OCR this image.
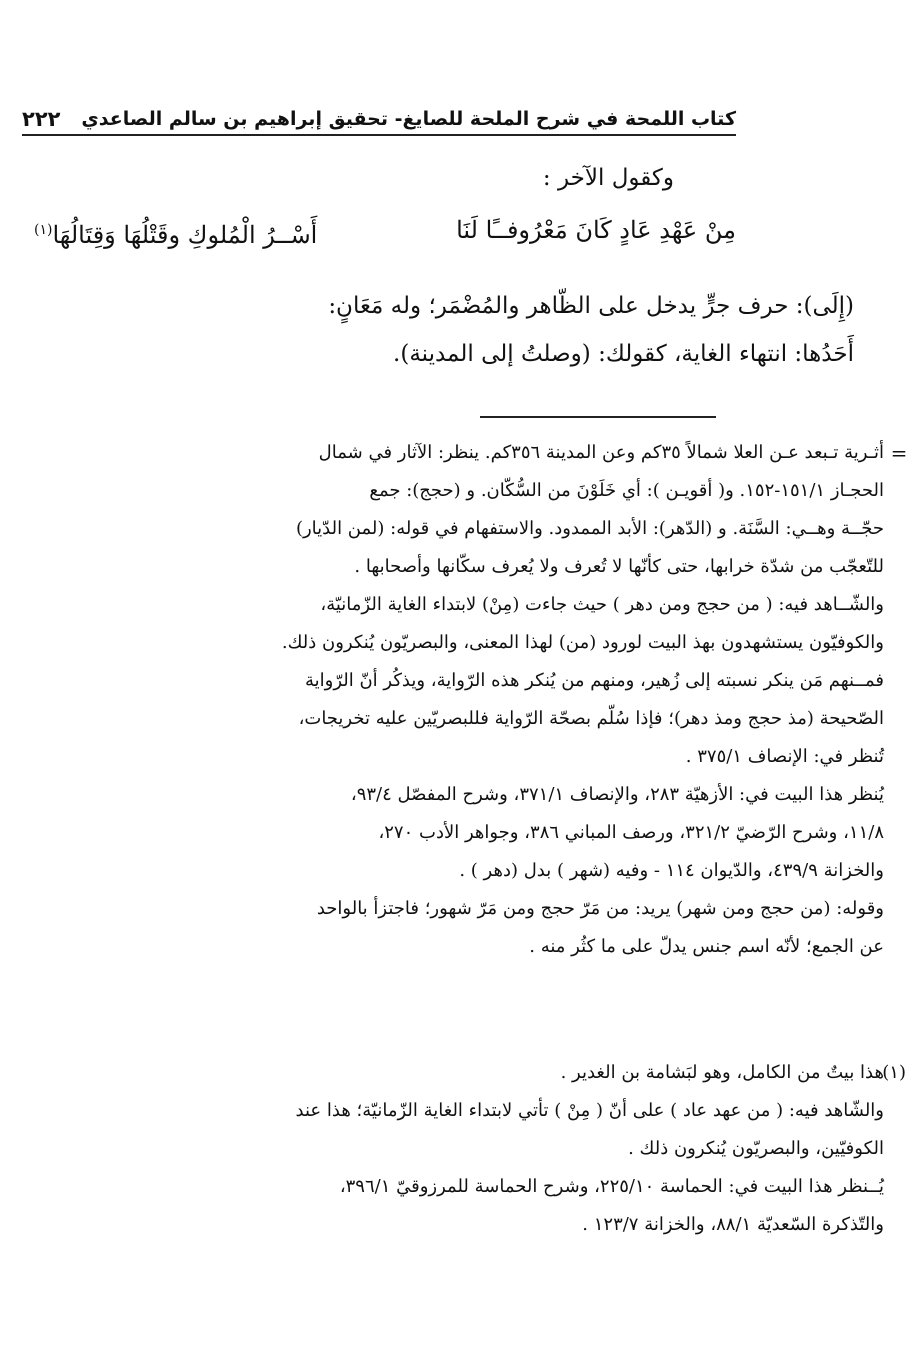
كتاب اللمحة في شرح الملحة للصايغ- تحقيق إبراهيم بن سالم الصاعدي
٢٢٢
وكقول الآخر :
مِنْ عَهْدِ عَادٍ كَانَ مَعْرُوفــًا لَنَا
أَسْــرُ الْمُلوكِ وقَتْلُهَا وَقِتَالُهَا$^{(١)}$

(إِلَى): حرف جرٍّ يدخل على الظّاهر والمُضْمَر؛ وله مَعَانٍ:

أَحَدُها: انتهاء الغاية، كقولك: (وصلتُ إلى المدينة).

=

أثـرية تـبعد عـن العلا شمالاً ٣٥كم وعن المدينة ٣٥٦كم. ينظر: الآثار في شمال

الحجـاز ١٥١/١-١٥٢. و( أقويـن ): أي خَلَوْنَ من السُّكّان. و (حجج): جمع

حجّــة وهــي: السَّنَة. و (الدّهر): الأبد الممدود. والاستفهام في قوله: (لمن الدّيار)

للتّعجّب من شدّة خرابها، حتى كأنّها لا تُعرف ولا يُعرف سكّانها وأصحابها .

والشّــاهد فيه: ( من حجج ومن دهر ) حيث جاءت (مِنْ) لابتداء الغاية الزّمانيّة،

والكوفيّون يستشهدون بهذ البيت لورود (من) لهذا المعنى، والبصريّون يُنكرون ذلك.

فمــنهم مَن ينكر نسبته إلى زُهير، ومنهم من يُنكر هذه الرّواية، ويذكُر أنّ الرّواية

الصّحيحة (مذ حجج ومذ دهر)؛ فإذا سُلّم بصحّة الرّواية فللبصريّين عليه تخريجات،

تُنظر في: الإنصاف ٣٧٥/١ .

يُنظر هذا البيت في: الأزهيّة ٢٨٣، والإنصاف ٣٧١/١، وشرح المفصّل ٩٣/٤،

١١/٨، وشرح الرّضيّ ٣٢١/٢، ورصف المباني ٣٨٦، وجواهر الأدب ٢٧٠،

والخزانة ٤٣٩/٩، والدّيوان ١١٤ - وفيه (شهر ) بدل (دهر ) .

وقوله: (من حجج ومن شهر) يريد: من مَرّ حجج ومن مَرّ شهور؛ فاجتزأ بالواحد

عن الجمع؛ لأنّه اسم جنس يدلّ على ما كثُر منه .

(١)

هذا بيتٌ من الكامل، وهو لبَشامة بن الغدير .

والشّاهد فيه: ( من عهد عاد ) على أنّ ( مِنْ ) تأتي لابتداء الغاية الزّمانيّة؛ هذا عند

الكوفيّين، والبصريّون يُنكرون ذلك .

يُــنظر هذا البيت في: الحماسة ٢٢٥/١٠، وشرح الحماسة للمرزوقيّ ٣٩٦/١،

والتّذكرة السّعديّة ٨٨/١، والخزانة ١٢٣/٧ .
